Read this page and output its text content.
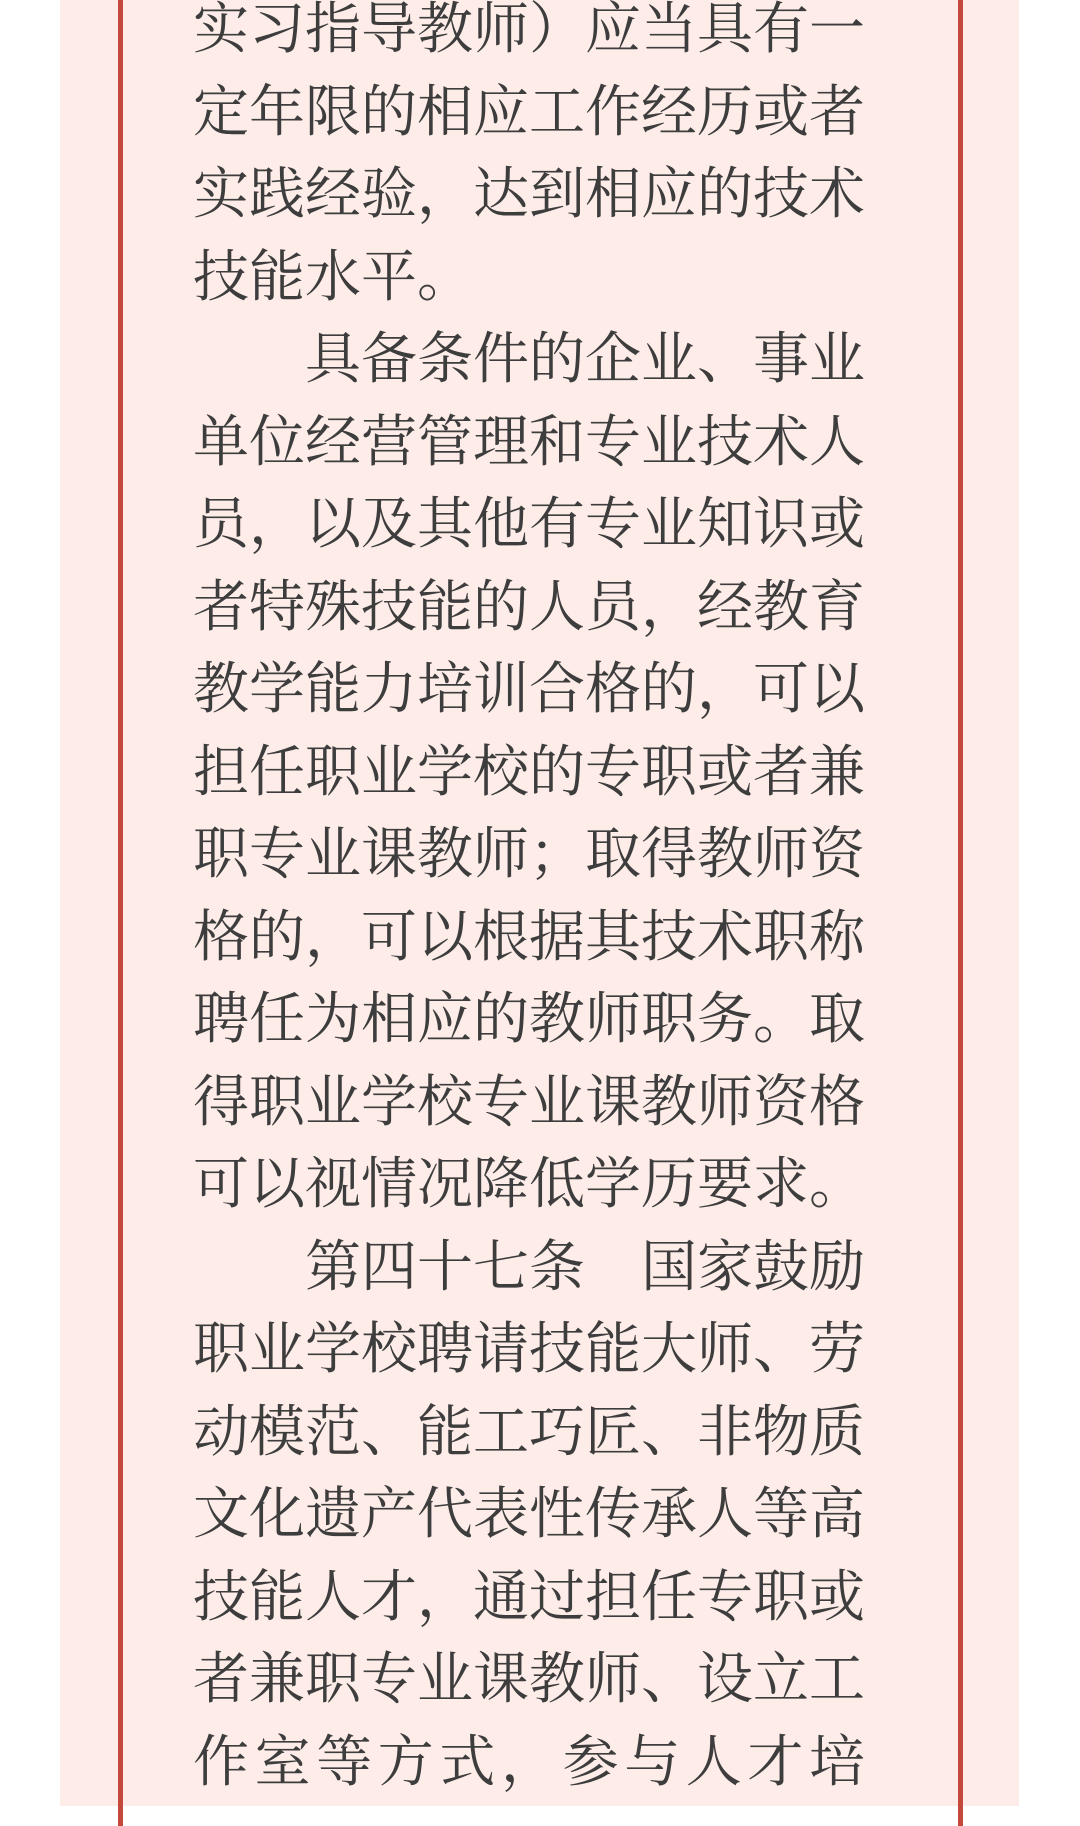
实习指导教师）应当具有一
定年限的相应工作经历或者
实践经验，达到相应的技术
技能水平。
具备条件的企业、事业
单位经营管理和专业技术人
员，以及其他有专业知识或
者特殊技能的人员，经教育
教学能力培训合格的，可以
担任职业学校的专职或者兼
职专业课教师；取得教师资
格的，可以根据其技术职称
聘任为相应的教师职务。取
得职业学校专业课教师资格
可以视情况降低学历要求。
第四十七条　国家鼓励
职业学校聘请技能大师、劳
动模范、能工巧匠、非物质
文化遗产代表性传承人等高
技能人才，通过担任专职或
者兼职专业课教师、设立工
作室等方式，参与人才培
